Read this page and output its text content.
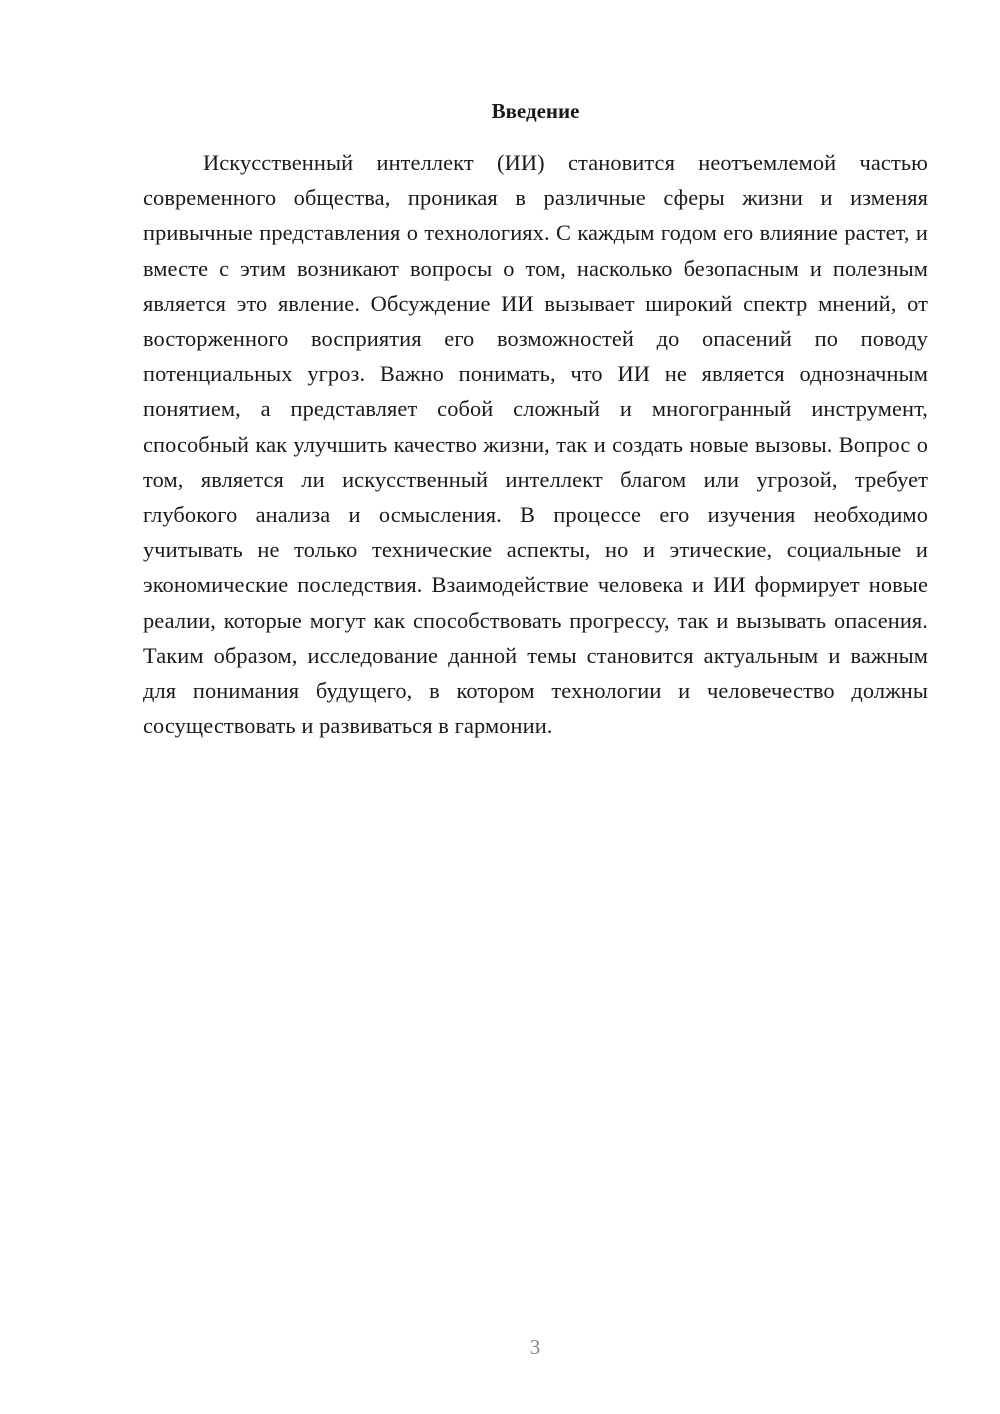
Введение

Искусственный интеллект (ИИ) становится неотъемлемой частью современного общества, проникая в различные сферы жизни и изменяя привычные представления о технологиях. С каждым годом его влияние растет, и вместе с этим возникают вопросы о том, насколько безопасным и полезным является это явление. Обсуждение ИИ вызывает широкий спектр мнений, от восторженного восприятия его возможностей до опасений по поводу потенциальных угроз. Важно понимать, что ИИ не является однозначным понятием, а представляет собой сложный и многогранный инструмент, способный как улучшить качество жизни, так и создать новые вызовы. Вопрос о том, является ли искусственный интеллект благом или угрозой, требует глубокого анализа и осмысления. В процессе его изучения необходимо учитывать не только технические аспекты, но и этические, социальные и экономические последствия. Взаимодействие человека и ИИ формирует новые реалии, которые могут как способствовать прогрессу, так и вызывать опасения. Таким образом, исследование данной темы становится актуальным и важным для понимания будущего, в котором технологии и человечество должны сосуществовать и развиваться в гармонии.

3
